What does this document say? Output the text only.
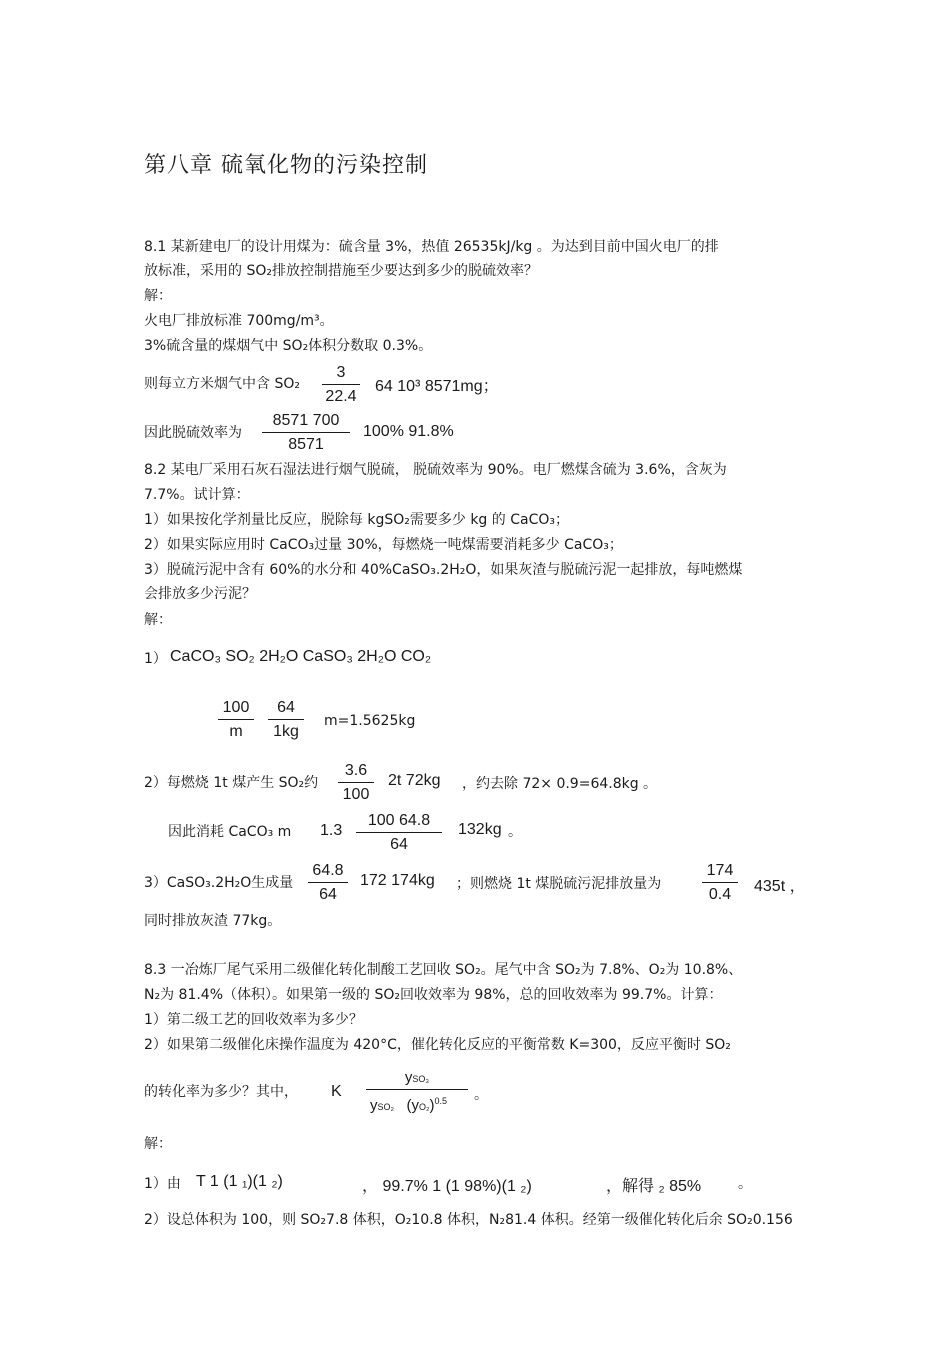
第八章 硫氧化物的污染控制
8.1 某新建电厂的设计用煤为：硫含量 3%，热值 26535kJ/kg 。为达到目前中国火电厂的排
放标准，采用的 SO₂排放控制措施至少要达到多少的脱硫效率？
解：
火电厂排放标准 700mg/m³。
3%硫含量的煤烟气中 SO₂体积分数取 0.3%。
则每立方米烟气中含 SO₂
3
22.4
64 10³ 8571mg；
因此脱硫效率为
8571 700
8571
100% 91.8%
8.2 某电厂采用石灰石湿法进行烟气脱硫， 脱硫效率为 90%。电厂燃煤含硫为 3.6%，含灰为
7.7%。试计算：
1）如果按化学剂量比反应，脱除每 kgSO₂需要多少 kg 的 CaCO₃；
2）如果实际应用时 CaCO₃过量 30%，每燃烧一吨煤需要消耗多少 CaCO₃；
3）脱硫污泥中含有 60%的水分和 40%CaSO₃.2H₂O，如果灰渣与脱硫污泥一起排放，每吨燃煤
会排放多少污泥？
解：
1） CaCO₃ SO₂ 2H₂O CaSO₃ 2H₂O CO₂
100
m
64
1kg
m=1.5625kg
2）每燃烧 1t 煤产生 SO₂约
3.6
100
2t 72kg ，约去除 72× 0.9=64.8kg 。
因此消耗 CaCO₃ m 1.3
100 64.8
64
132kg 。
3）CaSO₃.2H₂O生成量
64.8
64
172 174kg ；则燃烧 1t 煤脱硫污泥排放量为
174
0.4	435t ，
同时排放灰渣 77kg。
8.3 一冶炼厂尾气采用二级催化转化制酸工艺回收 SO₂。尾气中含 SO₂为 7.8%、O₂为 10.8%、
N₂为 81.4%（体积）。如果第一级的 SO₂回收效率为 98%，总的回收效率为 99.7%。计算：
1）第二级工艺的回收效率为多少？
2）如果第二级催化床操作温度为 420°C，催化转化反应的平衡常数 K=300，反应平衡时 SO₂
的转化率为多少？其中， K
ySO₃
ySO₂ $(yO_2)^{0.5}$	。
解：
1）由 T 1 (1 ₁)(1 ₂)	， 99.7% 1 (1 98%)(1 ₂)	，解得 ₂ 85%	。
2）设总体积为 100，则 SO₂7.8 体积，O₂10.8 体积，N₂81.4 体积。经第一级催化转化后余 SO₂0.156
